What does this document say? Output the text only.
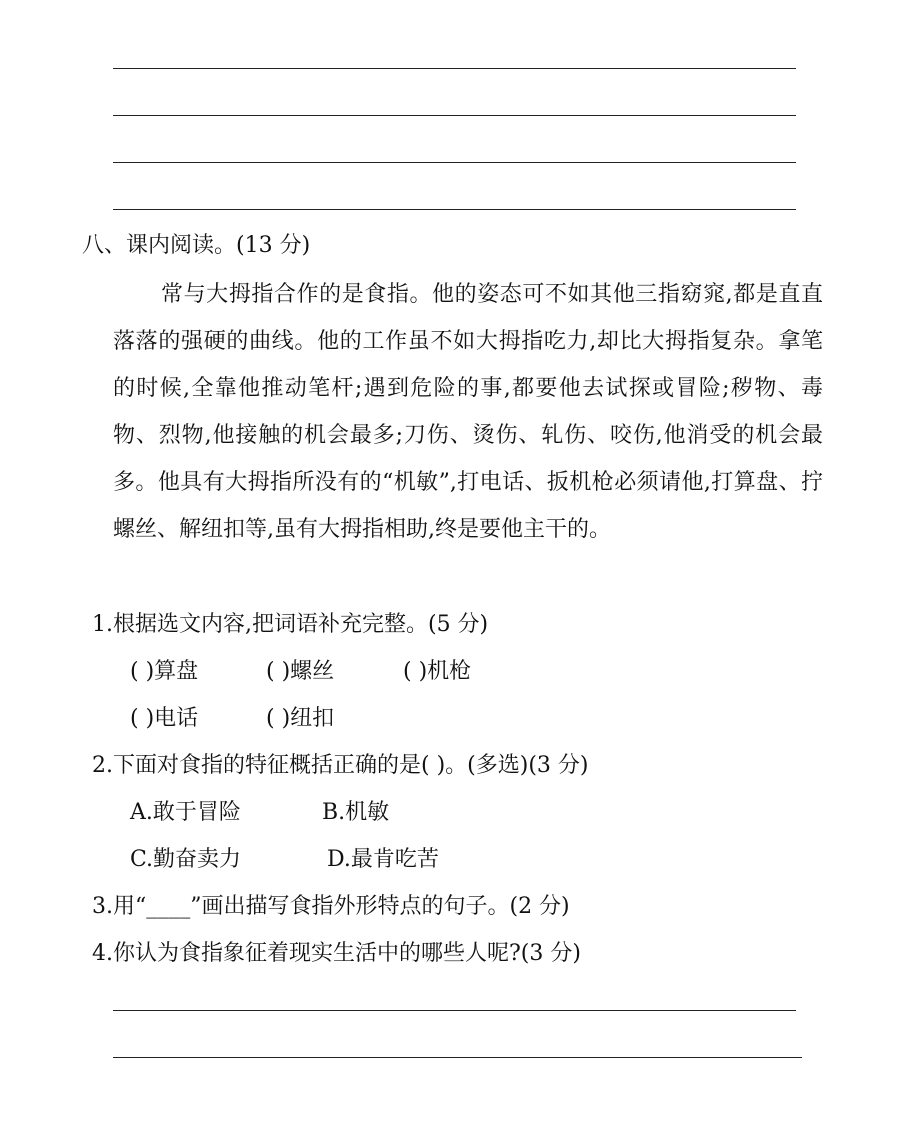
八、课内阅读。(13 分)
常与大拇指合作的是食指。他的姿态可不如其他三指窈窕,都是直直落落的强硬的曲线。他的工作虽不如大拇指吃力,却比大拇指复杂。拿笔的时候,全靠他推动笔杆;遇到危险的事,都要他去试探或冒险;秽物、毒物、烈物,他接触的机会最多;刀伤、烫伤、轧伤、咬伤,他消受的机会最多。他具有大拇指所没有的“机敏”,打电话、扳机枪必须请他,打算盘、拧螺丝、解纽扣等,虽有大拇指相助,终是要他主干的。
1.根据选文内容,把词语补充完整。(5 分)
( )算盘	( )螺丝	( )机枪
( )电话	( )纽扣
2.下面对食指的特征概括正确的是( )。(多选)(3 分)
A.敢于冒险	B.机敏
C.勤奋卖力	D.最肯吃苦
3.用“____”画出描写食指外形特点的句子。(2 分)
4.你认为食指象征着现实生活中的哪些人呢?(3 分)
